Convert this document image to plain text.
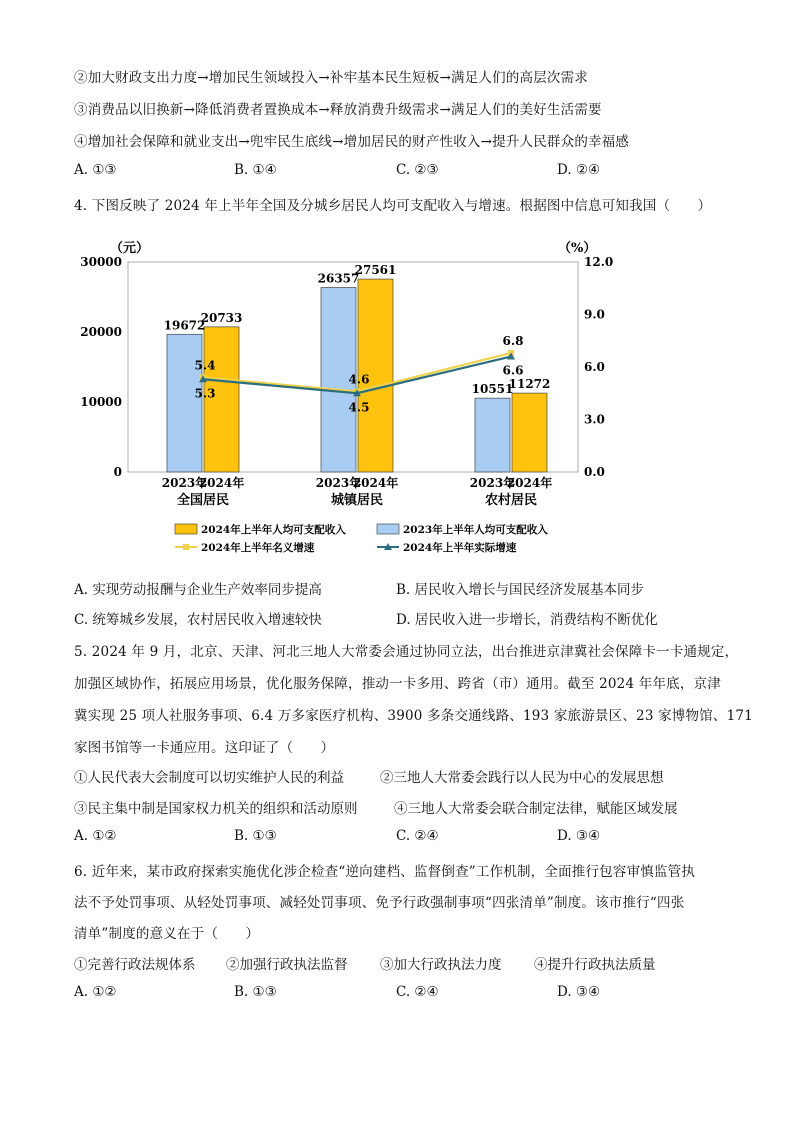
②加大财政支出力度→增加民生领域投入→补牢基本民生短板→满足人们的高层次需求
③消费品以旧换新→降低消费者置换成本→释放消费升级需求→满足人们的美好生活需要
④增加社会保障和就业支出→兜牢民生底线→增加居民的财产性收入→提升人民群众的幸福感
A. ①③	B. ①④	C. ②③	D. ②④
4. 下图反映了 2024 年上半年全国及分城乡居民人均可支配收入与增速。根据图中信息可知我国（　　）
（元）	（%）
0
10000
20000
30000
0.0
3.0
6.0
9.0
12.0
19672
20733
26357
27561
10551
11272
5.4
4.6
6.8
5.3
4.5
6.6
2023年
2024年
全国居民
2023年
2024年
城镇居民
2023年
2024年
农村居民
2024年上半年人均可支配收入	2023年上半年人均可支配收入
2024年上半年名义增速	2024年上半年实际增速
A. 实现劳动报酬与企业生产效率同步提高	B. 居民收入增长与国民经济发展基本同步
C. 统筹城乡发展，农村居民收入增速较快	D. 居民收入进一步增长，消费结构不断优化
5. 2024 年 9 月，北京、天津、河北三地人大常委会通过协同立法，出台推进京津冀社会保障卡一卡通规定，
加强区域协作，拓展应用场景，优化服务保障，推动一卡多用、跨省（市）通用。截至 2024 年年底，京津
冀实现 25 项人社服务事项、6.4 万多家医疗机构、3900 多条交通线路、193 家旅游景区、23 家博物馆、171
家图书馆等一卡通应用。这印证了（　　）
①人民代表大会制度可以切实维护人民的利益	②三地人大常委会践行以人民为中心的发展思想
③民主集中制是国家权力机关的组织和活动原则	④三地人大常委会联合制定法律，赋能区域发展
A. ①②	B. ①③	C. ②④	D. ③④
6. 近年来，某市政府探索实施优化涉企检查“逆向建档、监督倒查”工作机制，全面推行包容审慎监管执
法不予处罚事项、从轻处罚事项、减轻处罚事项、免予行政强制事项“四张清单”制度。该市推行“四张
清单”制度的意义在于（　　）
①完善行政法规体系 ②加强行政执法监督 ③加大行政执法力度 ④提升行政执法质量
A. ①②	B. ①③	C. ②④	D. ③④
